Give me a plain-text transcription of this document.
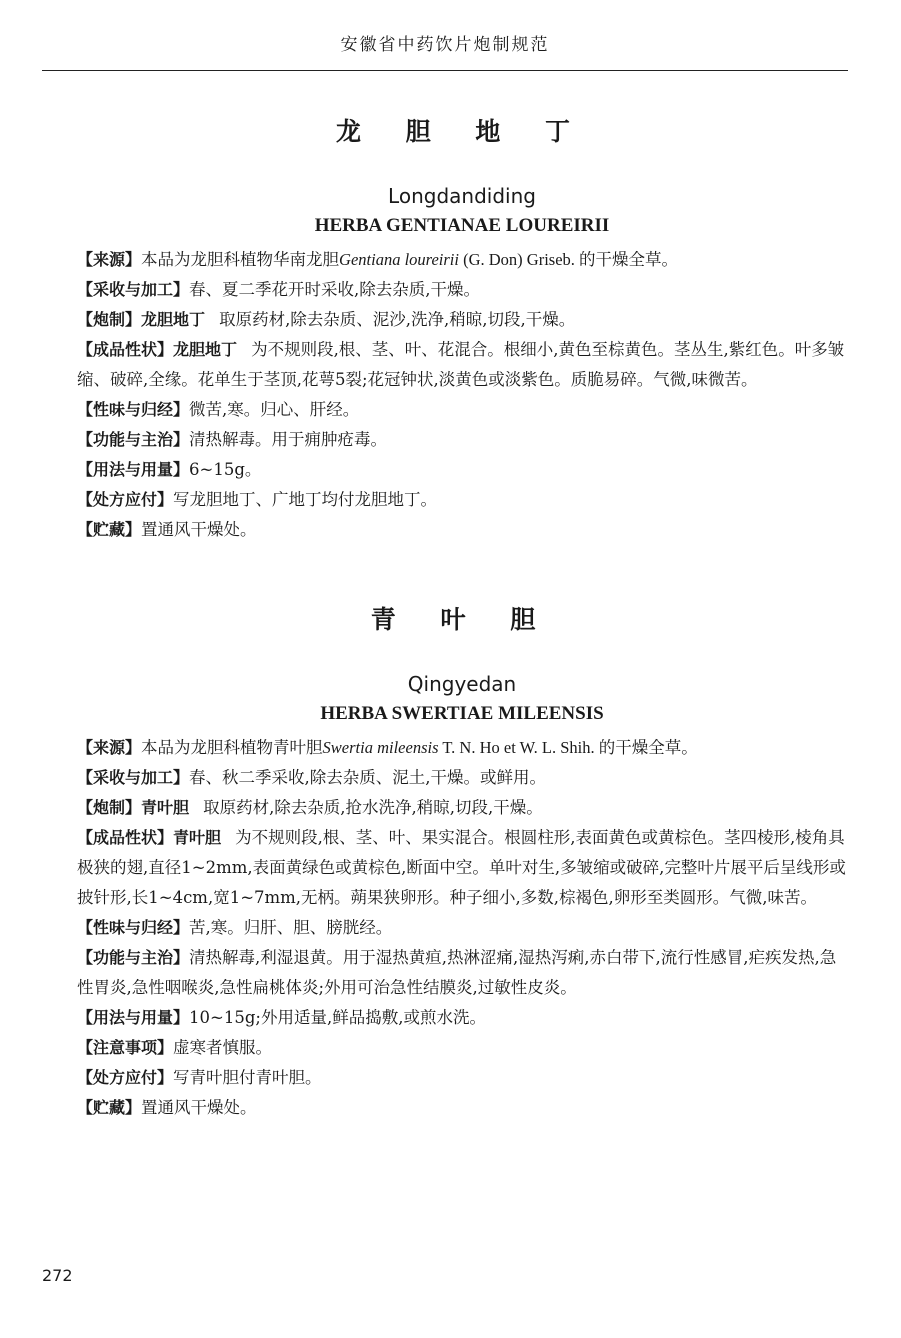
安徽省中药饮片炮制规范
龙 胆 地 丁
Longdandiding
HERBA GENTIANAE LOUREIRII

【 来源 】 本品为龙胆科植物华南龙胆Gentiana loureirii (G. Don) Griseb. 的干燥全草。

【 采收与加工 】 春、夏二季花开时采收,除去杂质,干燥。

【 炮制 】 龙胆地丁 取原药材,除去杂质、泥沙,洗净,稍晾,切段,干燥。

【 成品性状 】 龙胆地丁 为不规则段,根、茎、叶、花混合。根细小,黄色至棕黄色。茎丛生,紫红色。叶多皱缩、破碎,全缘。花单生于茎顶,花萼5裂;花冠钟状,淡黄色或淡紫色。质脆易碎。气微,味微苦。

【 性味与归经 】 微苦,寒。归心、肝经。

【 功能与主治 】 清热解毒。用于痈肿疮毒。

【 用法与用量 】 6~15g。

【 处方应付 】 写龙胆地丁、广地丁均付龙胆地丁。

【 贮藏 】 置通风干燥处。

青 叶 胆
Qingyedan
HERBA SWERTIAE MILEENSIS

【 来源 】 本品为龙胆科植物青叶胆Swertia mileensis T. N. Ho et W. L. Shih. 的干燥全草。

【 采收与加工 】 春、秋二季采收,除去杂质、泥土,干燥。或鲜用。

【 炮制 】 青叶胆 取原药材,除去杂质,抢水洗净,稍晾,切段,干燥。

【 成品性状 】 青叶胆 为不规则段,根、茎、叶、果实混合。根圆柱形,表面黄色或黄棕色。茎四棱形,棱角具极狭的翅,直径1~2mm,表面黄绿色或黄棕色,断面中空。单叶对生,多皱缩或破碎,完整叶片展平后呈线形或披针形,长1~4cm,宽1~7mm,无柄。蒴果狭卵形。种子细小,多数,棕褐色,卵形至类圆形。气微,味苦。

【 性味与归经 】 苦,寒。归肝、胆、膀胱经。

【 功能与主治 】 清热解毒,利湿退黄。用于湿热黄疸,热淋涩痛,湿热泻痢,赤白带下,流行性感冒,疟疾发热,急性胃炎,急性咽喉炎,急性扁桃体炎;外用可治急性结膜炎,过敏性皮炎。

【 用法与用量 】 10~15g;外用适量,鲜品捣敷,或煎水洗。

【 注意事项 】 虚寒者慎服。

【 处方应付 】 写青叶胆付青叶胆。

【 贮藏 】 置通风干燥处。

272
